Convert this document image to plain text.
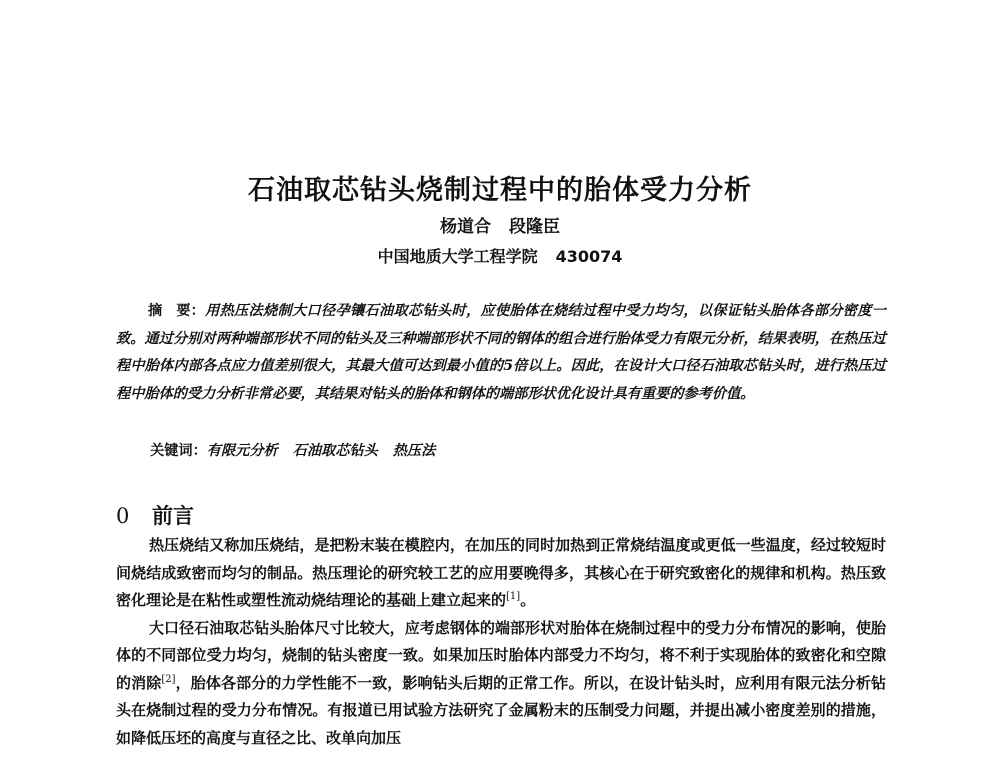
石油取芯钻头烧制过程中的胎体受力分析
杨道合 段隆臣
中国地质大学工程学院 430074
摘　要：用热压法烧制大口径孕镶石油取芯钻头时，应使胎体在烧结过程中受力均匀，以保证钻头胎体各部分密度一致。通过分别对两种端部形状不同的钻头及三种端部形状不同的钢体的组合进行胎体受力有限元分析，结果表明，在热压过程中胎体内部各点应力值差别很大，其最大值可达到最小值的5倍以上。因此，在设计大口径石油取芯钻头时，进行热压过程中胎体的受力分析非常必要，其结果对钻头的胎体和钢体的端部形状优化设计具有重要的参考价值。
关键词：有限元分析 石油取芯钻头 热压法
0 前言

热压烧结又称加压烧结，是把粉末装在模腔内，在加压的同时加热到正常烧结温度或更低一些温度，经过较短时间烧结成致密而均匀的制品。热压理论的研究较工艺的应用要晚得多，其核心在于研究致密化的规律和机构。热压致密化理论是在粘性或塑性流动烧结理论的基础上建立起来的[1]。

大口径石油取芯钻头胎体尺寸比较大，应考虑钢体的端部形状对胎体在烧制过程中的受力分布情况的影响，使胎体的不同部位受力均匀，烧制的钻头密度一致。如果加压时胎体内部受力不均匀，将不利于实现胎体的致密化和空隙的消除[2]，胎体各部分的力学性能不一致，影响钻头后期的正常工作。所以，在设计钻头时，应利用有限元法分析钻头在烧制过程的受力分布情况。有报道已用试验方法研究了金属粉末的压制受力问题，并提出减小密度差别的措施，如降低压坯的高度与直径之比、改单向加压
